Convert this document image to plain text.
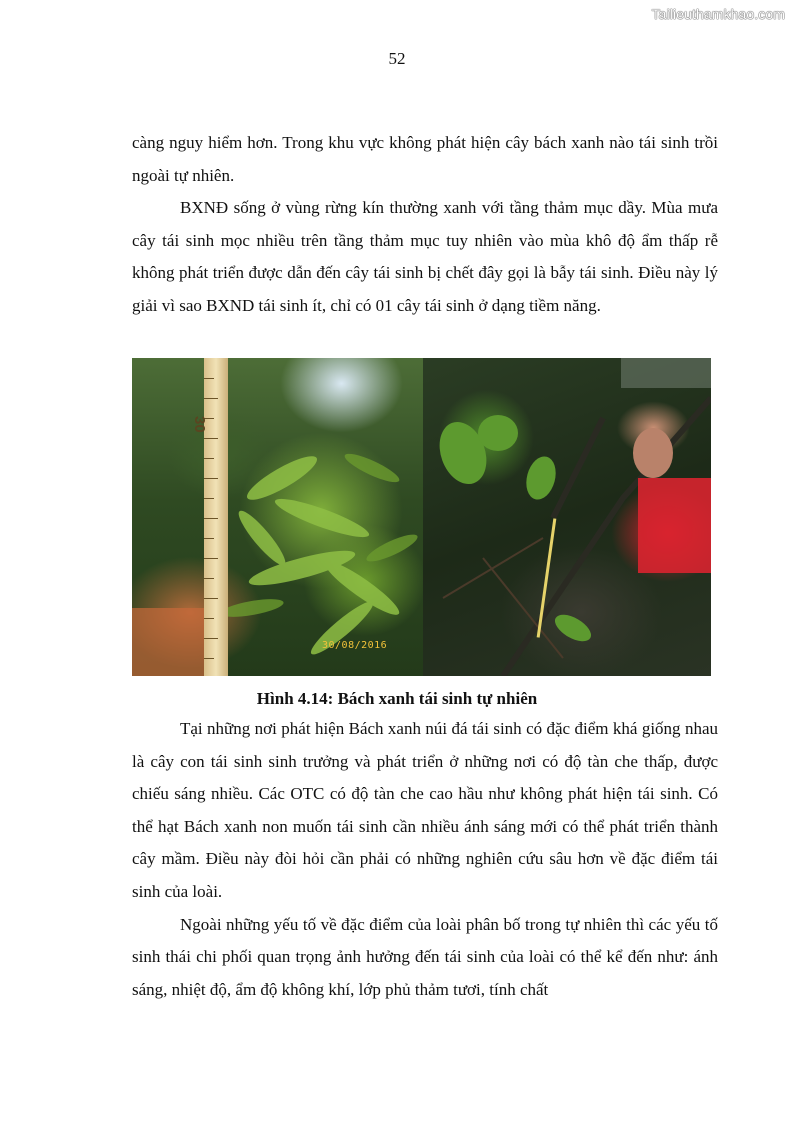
Tailieuthamkhao.com
52

càng nguy hiểm hơn. Trong khu vực không phát hiện cây bách xanh nào tái sinh trồi ngoài tự nhiên.

BXNĐ sống ở vùng rừng kín thường xanh với tầng thảm mục dầy. Mùa mưa cây tái sinh mọc nhiều trên tầng thảm mục tuy nhiên vào mùa khô độ ẩm thấp rễ không phát triển được dẫn đến cây tái sinh bị chết đây gọi là bẫy tái sinh. Điều này lý giải vì sao BXND tái sinh ít, chỉ có 01 cây tái sinh ở dạng tiềm năng.

30
30/08/2016
Hình 4.14: Bách xanh tái sinh tự nhiên

Tại những nơi phát hiện Bách xanh núi đá tái sinh có đặc điểm khá giống nhau là cây con tái sinh sinh trưởng và phát triển ở những nơi có độ tàn che thấp, được chiếu sáng nhiều. Các OTC có độ tàn che cao hầu như không phát hiện tái sinh. Có thể hạt Bách xanh non muốn tái sinh cần nhiều ánh sáng mới có thể phát triển thành cây mầm. Điều này đòi hỏi cần phải có những nghiên cứu sâu hơn về đặc điểm tái sinh của loài.

Ngoài những yếu tố về đặc điểm của loài phân bố trong tự nhiên thì các yếu tố sinh thái chi phối quan trọng ảnh hưởng đến tái sinh của loài có thể kể đến như: ánh sáng, nhiệt độ, ẩm độ không khí, lớp phủ thảm tươi, tính chất
